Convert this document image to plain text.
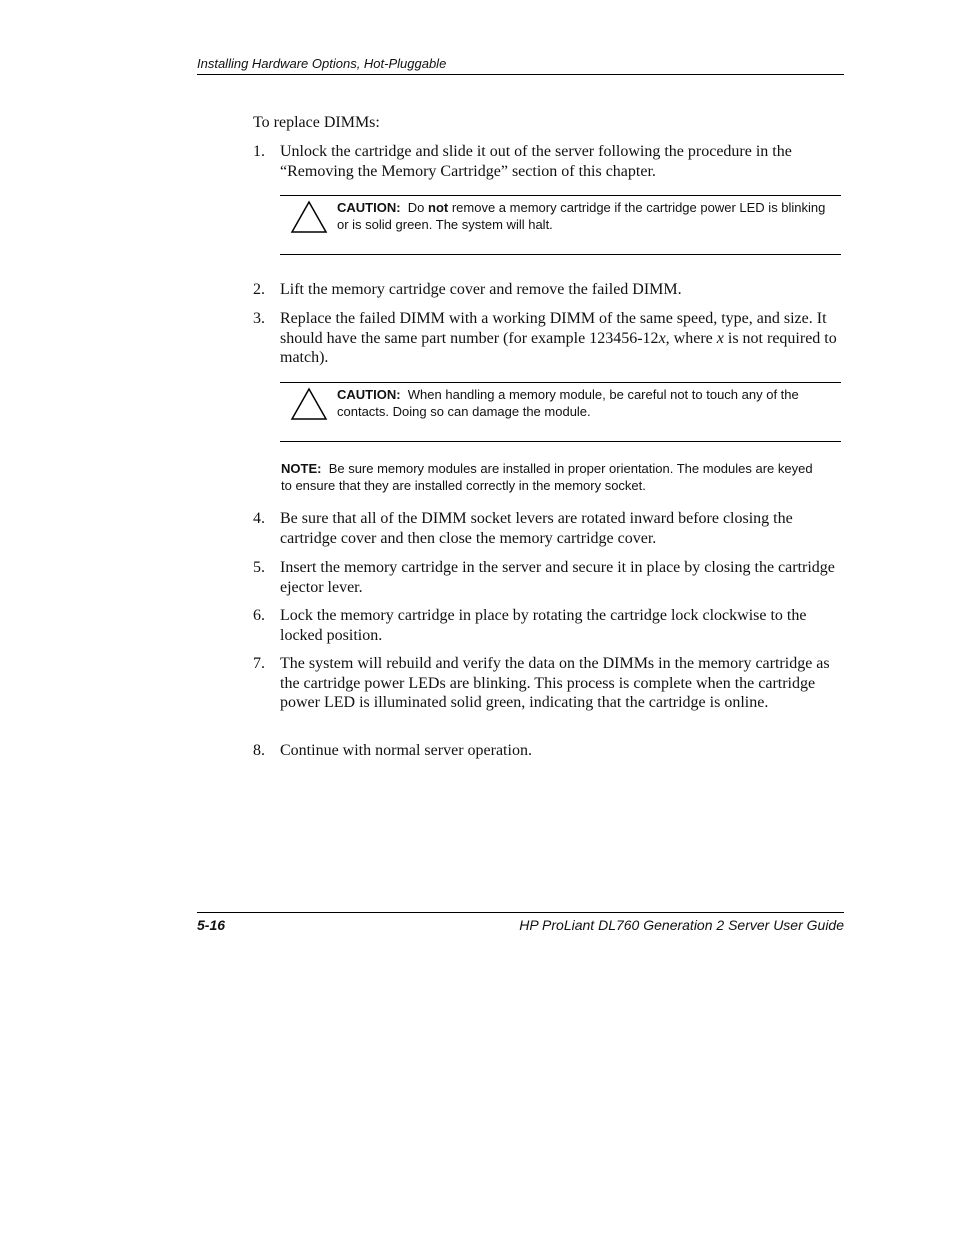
Installing Hardware Options, Hot-Pluggable
To replace DIMMs:
1. Unlock the cartridge and slide it out of the server following the procedure in the “Removing the Memory Cartridge” section of this chapter.
CAUTION: Do not remove a memory cartridge if the cartridge power LED is blinking or is solid green. The system will halt.
2. Lift the memory cartridge cover and remove the failed DIMM.
3. Replace the failed DIMM with a working DIMM of the same speed, type, and size. It should have the same part number (for example 123456-12x, where x is not required to match).
CAUTION: When handling a memory module, be careful not to touch any of the contacts. Doing so can damage the module.
NOTE: Be sure memory modules are installed in proper orientation. The modules are keyed to ensure that they are installed correctly in the memory socket.
4. Be sure that all of the DIMM socket levers are rotated inward before closing the cartridge cover and then close the memory cartridge cover.
5. Insert the memory cartridge in the server and secure it in place by closing the cartridge ejector lever.
6. Lock the memory cartridge in place by rotating the cartridge lock clockwise to the locked position.
7. The system will rebuild and verify the data on the DIMMs in the memory cartridge as the cartridge power LEDs are blinking. This process is complete when the cartridge power LED is illuminated solid green, indicating that the cartridge is online.
8. Continue with normal server operation.
5-16	HP ProLiant DL760 Generation 2 Server User Guide
